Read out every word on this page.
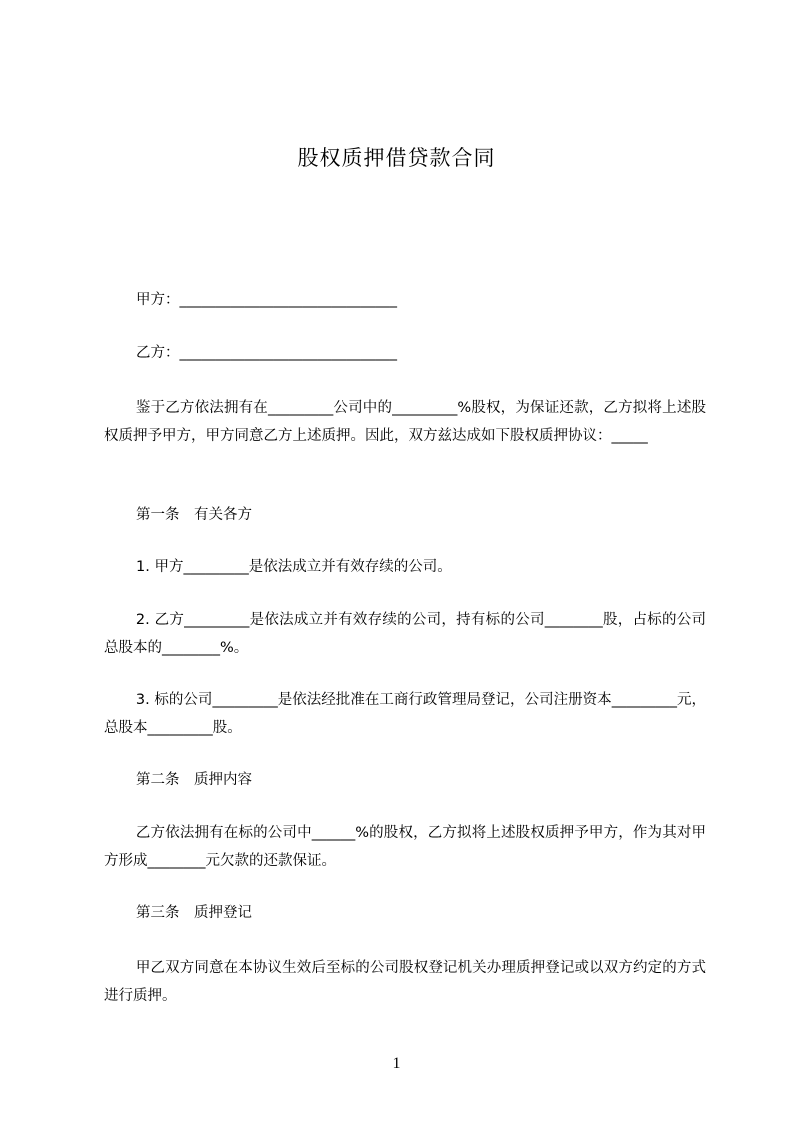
股权质押借贷款合同
甲方：______________________________
乙方：______________________________
鉴于乙方依法拥有在_________公司中的_________%股权，为保证还款，乙方拟将上述股权质押予甲方，甲方同意乙方上述质押。因此，双方兹达成如下股权质押协议：_____
第一条　有关各方
1. 甲方_________是依法成立并有效存续的公司。
2. 乙方_________是依法成立并有效存续的公司，持有标的公司________股，占标的公司总股本的________%。
3. 标的公司_________是依法经批准在工商行政管理局登记，公司注册资本_________元，总股本_________股。
第二条　质押内容
乙方依法拥有在标的公司中______%的股权，乙方拟将上述股权质押予甲方，作为其对甲方形成________元欠款的还款保证。
第三条　质押登记
甲乙双方同意在本协议生效后至标的公司股权登记机关办理质押登记或以双方约定的方式进行质押。
1
